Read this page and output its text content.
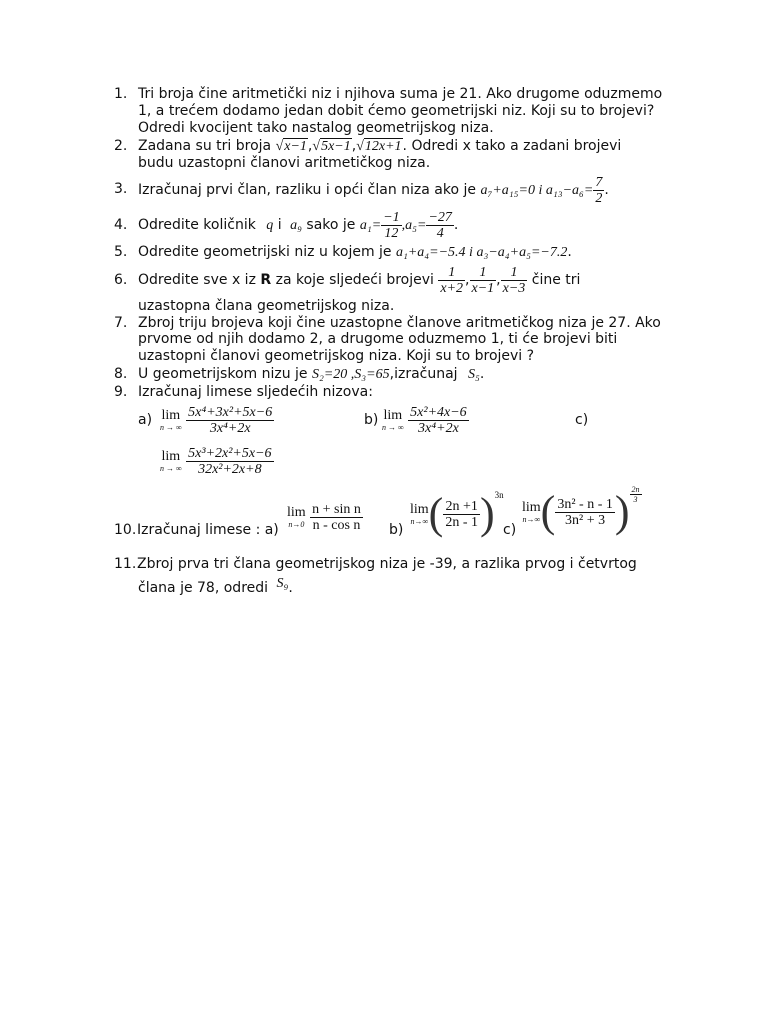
1. Tri broja čine aritmetički niz i njihova suma je 21. Ako drugome oduzmemo
1, a trećem dodamo jedan dobit ćemo geometrijski niz. Koji su to brojevi?
Odredi kvocijent tako nastalog geometrijskog niza.
2. Zadana su tri broja √x−1,√5x−1,√12x+1. Odredi x tako a zadani brojevi
budu uzastopni članovi aritmetičkog niza.
3. Izračunaj prvi član, razliku i opći član niza ako je a₇+a₁₅=0 i $a_{13}-a_6= \frac{7}{2}$ .
4. Odredite količnik q i a₉ sako je $a_1= \frac{-1}{12} ,a_5= \frac{-27}{4}$ .
5. Odredite geometrijski niz u kojem je a₁+a₄=−5.4 i a₃−a₄+a₅=−7.2.
6. Odredite sve x iz R za koje sljedeći brojevi $\frac{1}{x+2}$ , $\frac{1}{x-1}$ , $\frac{1}{x-3}$ čine tri
uzastopna člana geometrijskog niza.
7. Zbroj triju brojeva koji čine uzastopne članove aritmetičkog niza je 27. Ako
prvome od njih dodamo 2, a drugome oduzmemo 1, ti će brojevi biti
uzastopni članovi geometrijskog niza. Koji su to brojevi ?
8. U geometrijskom nizu je S₂=20 ,S₃=65,izračunaj S₅.
9. Izračunaj limese sljedećih nizova:
a) lim
n → ∞
$\frac{\text{5x⁴+3x²+5x−6}}{\text{3x⁴+2x}}$	b) lim
n → ∞
$\frac{\text{5x²+4x−6}}{\text{3x⁴+2x}}$	c)
lim
n → ∞
$\frac{\text{5x³+2x²+5x−6}}{\text{32x²+2x+8}}$
10. Izračunaj limese : a)
lim
n→0
$\frac{\text{n + sin n}}{\text{n - cos n}} b$)
lim
n→∞ ( $\frac{2n +1}{2n - 1} )^{3n}$
c)
lim
n→∞ ( $\frac{\text{3n² - n - 1}}{\text{3n² + 3}}$ ) $\frac{2n}{3}$
11. Zbroj prva tri člana geometrijskog niza je -39, a razlika prvog i četvrtog
člana je 78, odredi S₉.
